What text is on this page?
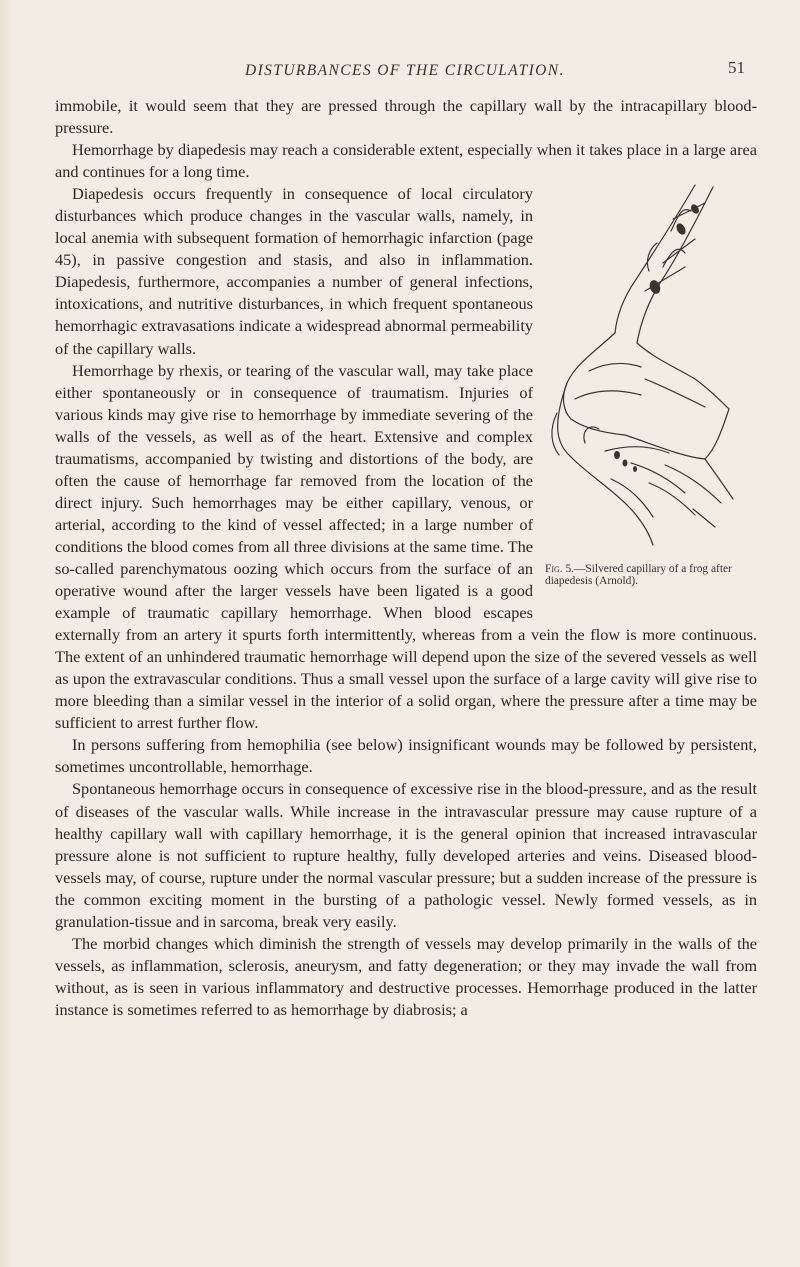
DISTURBANCES OF THE CIRCULATION.	51

immobile, it would seem that they are pressed through the capillary wall by the intracapillary blood-pressure.

Hemorrhage by diapedesis may reach a considerable extent, especially when it takes place in a large area and continues for a long time.

Fig. 5.—Silvered capillary of a frog after diapedesis (Arnold).

Diapedesis occurs frequently in consequence of local circulatory disturbances which produce changes in the vascular walls, namely, in local anemia with subsequent formation of hemorrhagic infarction (page 45), in passive congestion and stasis, and also in inflammation. Diapedesis, furthermore, accompanies a number of general infections, intoxications, and nutritive disturbances, in which frequent spontaneous hemorrhagic extravasations indicate a widespread abnormal permeability of the capillary walls.

Hemorrhage by rhexis, or tearing of the vascular wall, may take place either spontaneously or in consequence of traumatism. Injuries of various kinds may give rise to hemorrhage by immediate severing of the walls of the vessels, as well as of the heart. Extensive and complex traumatisms, accompanied by twisting and distortions of the body, are often the cause of hemorrhage far removed from the location of the direct injury. Such hemorrhages may be either capillary, venous, or arterial, according to the kind of vessel affected; in a large number of conditions the blood comes from all three divisions at the same time. The so-called parenchymatous oozing which occurs from the surface of an operative wound after the larger vessels have been ligated is a good example of traumatic capillary hemorrhage. When blood escapes externally from an artery it spurts forth intermittently, whereas from a vein the flow is more continuous. The extent of an unhindered traumatic hemorrhage will depend upon the size of the severed vessels as well as upon the extravascular conditions. Thus a small vessel upon the surface of a large cavity will give rise to more bleeding than a similar vessel in the interior of a solid organ, where the pressure after a time may be sufficient to arrest further flow.

In persons suffering from hemophilia (see below) insignificant wounds may be followed by persistent, sometimes uncontrollable, hemorrhage.

Spontaneous hemorrhage occurs in consequence of excessive rise in the blood-pressure, and as the result of diseases of the vascular walls. While increase in the intravascular pressure may cause rupture of a healthy capillary wall with capillary hemorrhage, it is the general opinion that increased intravascular pressure alone is not sufficient to rupture healthy, fully developed arteries and veins. Diseased blood-vessels may, of course, rupture under the normal vascular pressure; but a sudden increase of the pressure is the common exciting moment in the bursting of a pathologic vessel. Newly formed vessels, as in granulation-tissue and in sarcoma, break very easily.

The morbid changes which diminish the strength of vessels may develop primarily in the walls of the vessels, as inflammation, sclerosis, aneurysm, and fatty degeneration; or they may invade the wall from without, as is seen in various inflammatory and destructive processes. Hemorrhage produced in the latter instance is sometimes referred to as hemorrhage by diabrosis; a
